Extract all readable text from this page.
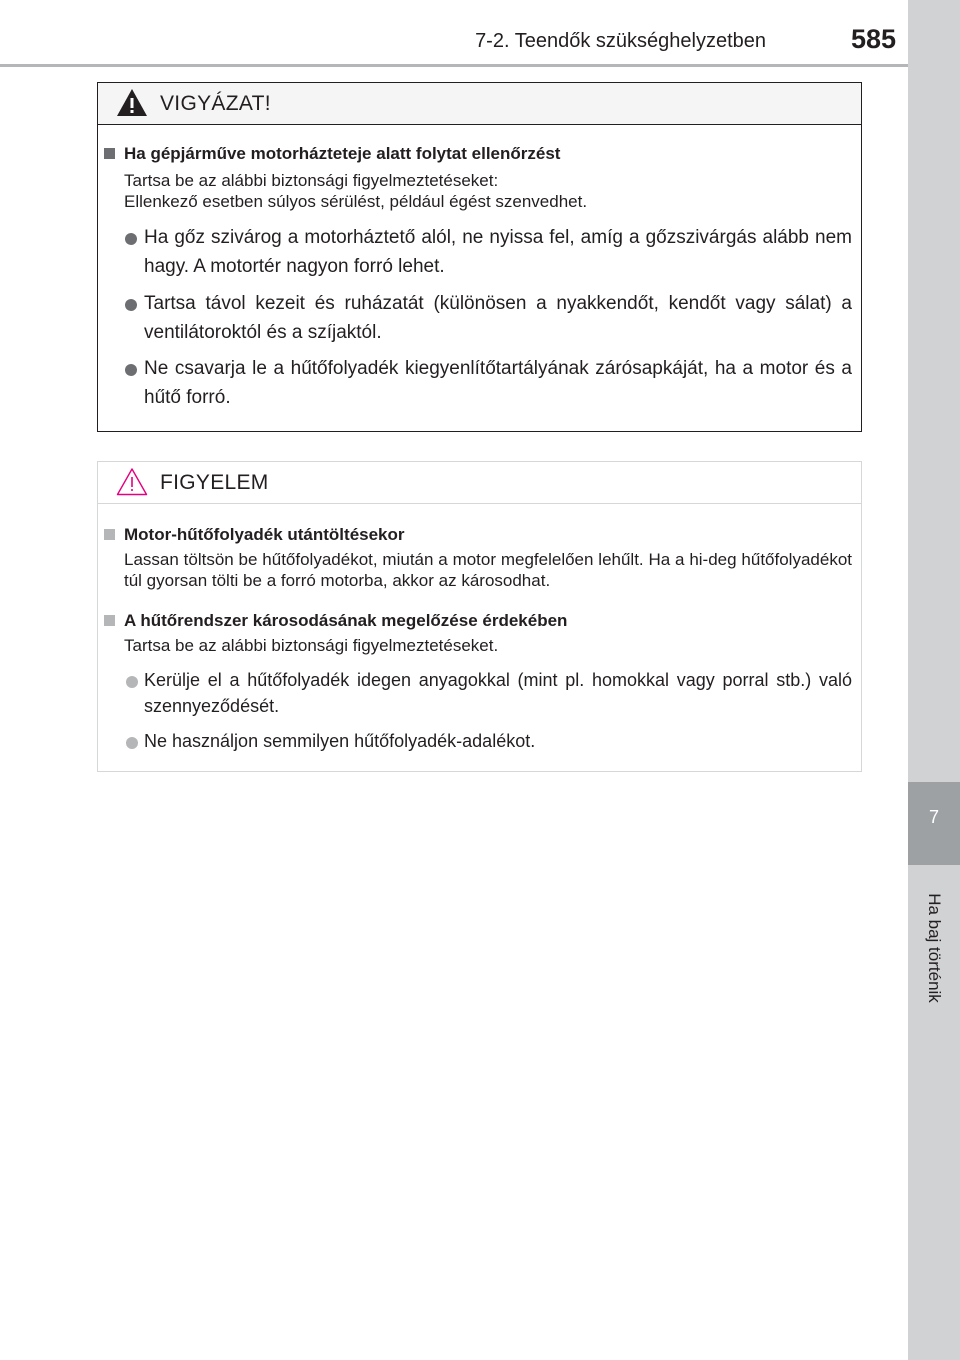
7-2. Teendők szükséghelyzetben	585
7
Ha baj történik
VIGYÁZAT!
Ha gépjárműve motorházteteje alatt folytat ellenőrzést
Tartsa be az alábbi biztonsági figyelmeztetéseket:
Ellenkező esetben súlyos sérülést, például égést szenvedhet.
Ha gőz szivárog a motorháztető alól, ne nyissa fel, amíg a gőzszivárgás alább nem hagy. A motortér nagyon forró lehet.
Tartsa távol kezeit és ruházatát (különösen a nyakkendőt, kendőt vagy sálat) a ventilátoroktól és a szíjaktól.
Ne csavarja le a hűtőfolyadék kiegyenlítőtartályának zárósapkáját, ha a motor és a hűtő forró.
FIGYELEM
Motor-hűtőfolyadék utántöltésekor
Lassan töltsön be hűtőfolyadékot, miután a motor megfelelően lehűlt. Ha a hi-deg hűtőfolyadékot túl gyorsan tölti be a forró motorba, akkor az károsodhat.
A hűtőrendszer károsodásának megelőzése érdekében
Tartsa be az alábbi biztonsági figyelmeztetéseket.
Kerülje el a hűtőfolyadék idegen anyagokkal (mint pl. homokkal vagy porral stb.) való szennyeződését.
Ne használjon semmilyen hűtőfolyadék-adalékot.
